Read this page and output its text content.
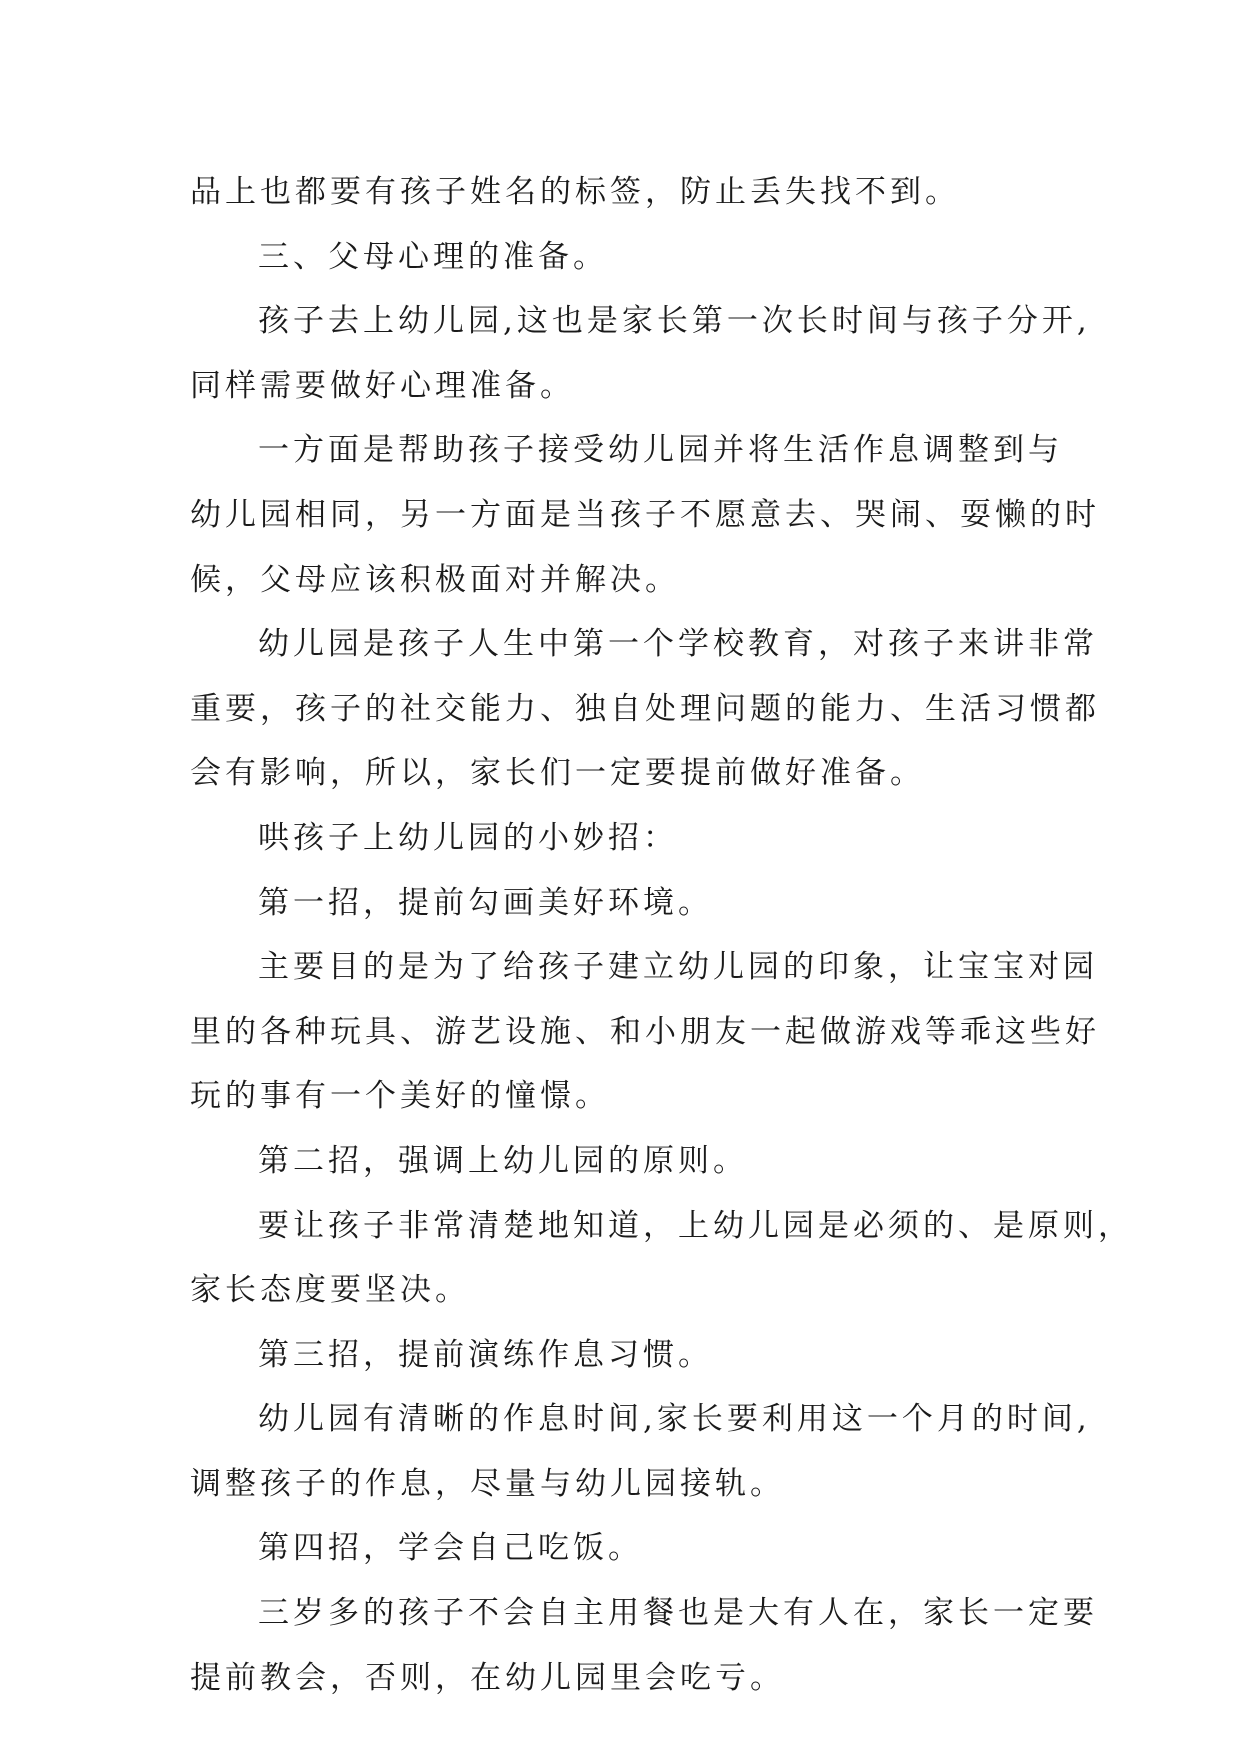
品上也都要有孩子姓名的标签，防止丢失找不到。
三、父母心理的准备。
孩子去上幼儿园,这也是家长第一次长时间与孩子分开,
同样需要做好心理准备。
一方面是帮助孩子接受幼儿园并将生活作息调整到与
幼儿园相同，另一方面是当孩子不愿意去、哭闹、耍懒的时
候，父母应该积极面对并解决。
幼儿园是孩子人生中第一个学校教育，对孩子来讲非常
重要，孩子的社交能力、独自处理问题的能力、生活习惯都
会有影响，所以，家长们一定要提前做好准备。
哄孩子上幼儿园的小妙招：
第一招，提前勾画美好环境。
主要目的是为了给孩子建立幼儿园的印象，让宝宝对园
里的各种玩具、游艺设施、和小朋友一起做游戏等乖这些好
玩的事有一个美好的憧憬。
第二招，强调上幼儿园的原则。
要让孩子非常清楚地知道，上幼儿园是必须的、是原则，
家长态度要坚决。
第三招，提前演练作息习惯。
幼儿园有清晰的作息时间,家长要利用这一个月的时间,
调整孩子的作息，尽量与幼儿园接轨。
第四招，学会自己吃饭。
三岁多的孩子不会自主用餐也是大有人在，家长一定要
提前教会，否则，在幼儿园里会吃亏。
